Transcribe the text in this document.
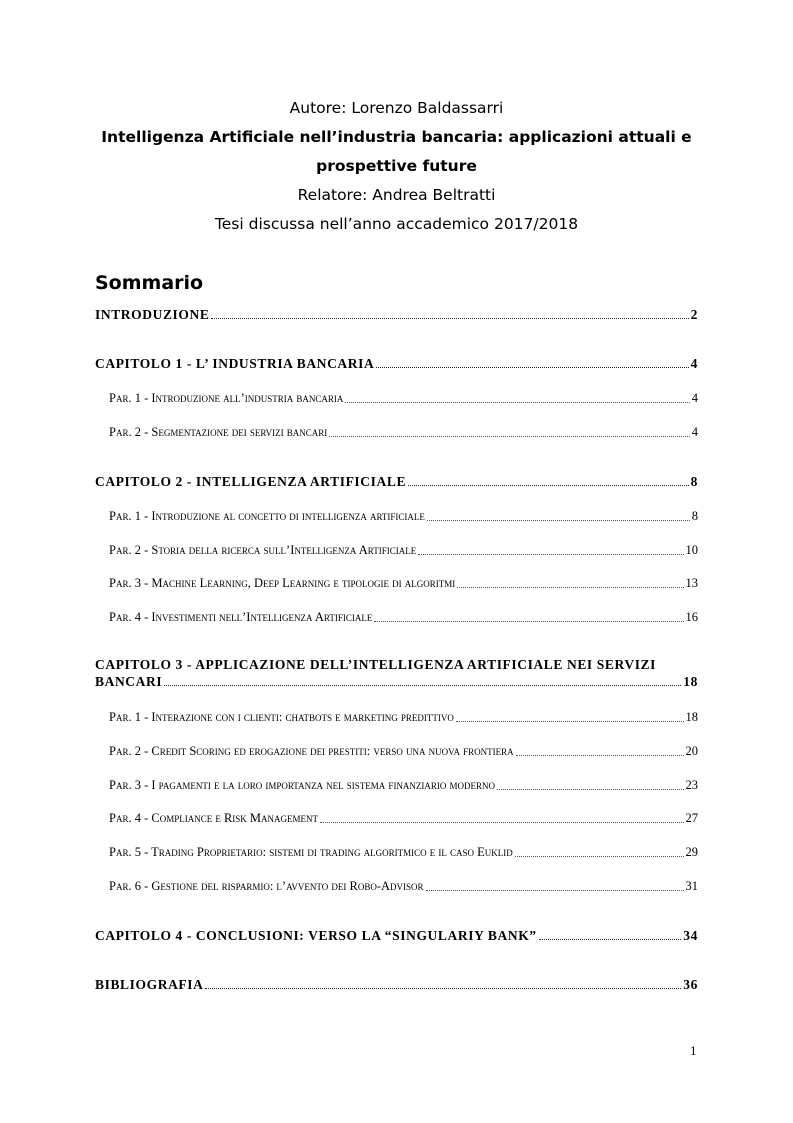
Autore: Lorenzo Baldassarri
Intelligenza Artificiale nell’industria bancaria: applicazioni attuali e
prospettive future
Relatore: Andrea Beltratti
Tesi discussa nell’anno accademico 2017/2018
Sommario
INTRODUZIONE	2
CAPITOLO 1 - L’ INDUSTRIA BANCARIA	4
Par. 1 - Introduzione all’industria bancaria	4
Par. 2 - Segmentazione dei servizi bancari	4
CAPITOLO 2 - INTELLIGENZA ARTIFICIALE	8
Par. 1 - Introduzione al concetto di intelligenza artificiale	8
Par. 2 - Storia della ricerca sull’Intelligenza Artificiale	10
Par. 3 - Machine Learning, Deep Learning e tipologie di algoritmi	13
Par. 4 - Investimenti nell’Intelligenza Artificiale	16
CAPITOLO 3 - APPLICAZIONE DELL’INTELLIGENZA ARTIFICIALE NEI SERVIZI
BANCARI	18
Par. 1 - Interazione con i clienti: chatbots e marketing predittivo	18
Par. 2 - Credit Scoring ed erogazione dei prestiti: verso una nuova frontiera	20
Par. 3 - I pagamenti e la loro importanza nel sistema finanziario moderno	23
Par. 4 - Compliance e Risk Management	27
Par. 5 - Trading Proprietario: sistemi di trading algoritmico e il caso Euklid	29
Par. 6 - Gestione del risparmio: l’avvento dei Robo-Advisor	31
CAPITOLO 4 - CONCLUSIONI: VERSO LA “SINGULARIY BANK”	34
BIBLIOGRAFIA	36
1
